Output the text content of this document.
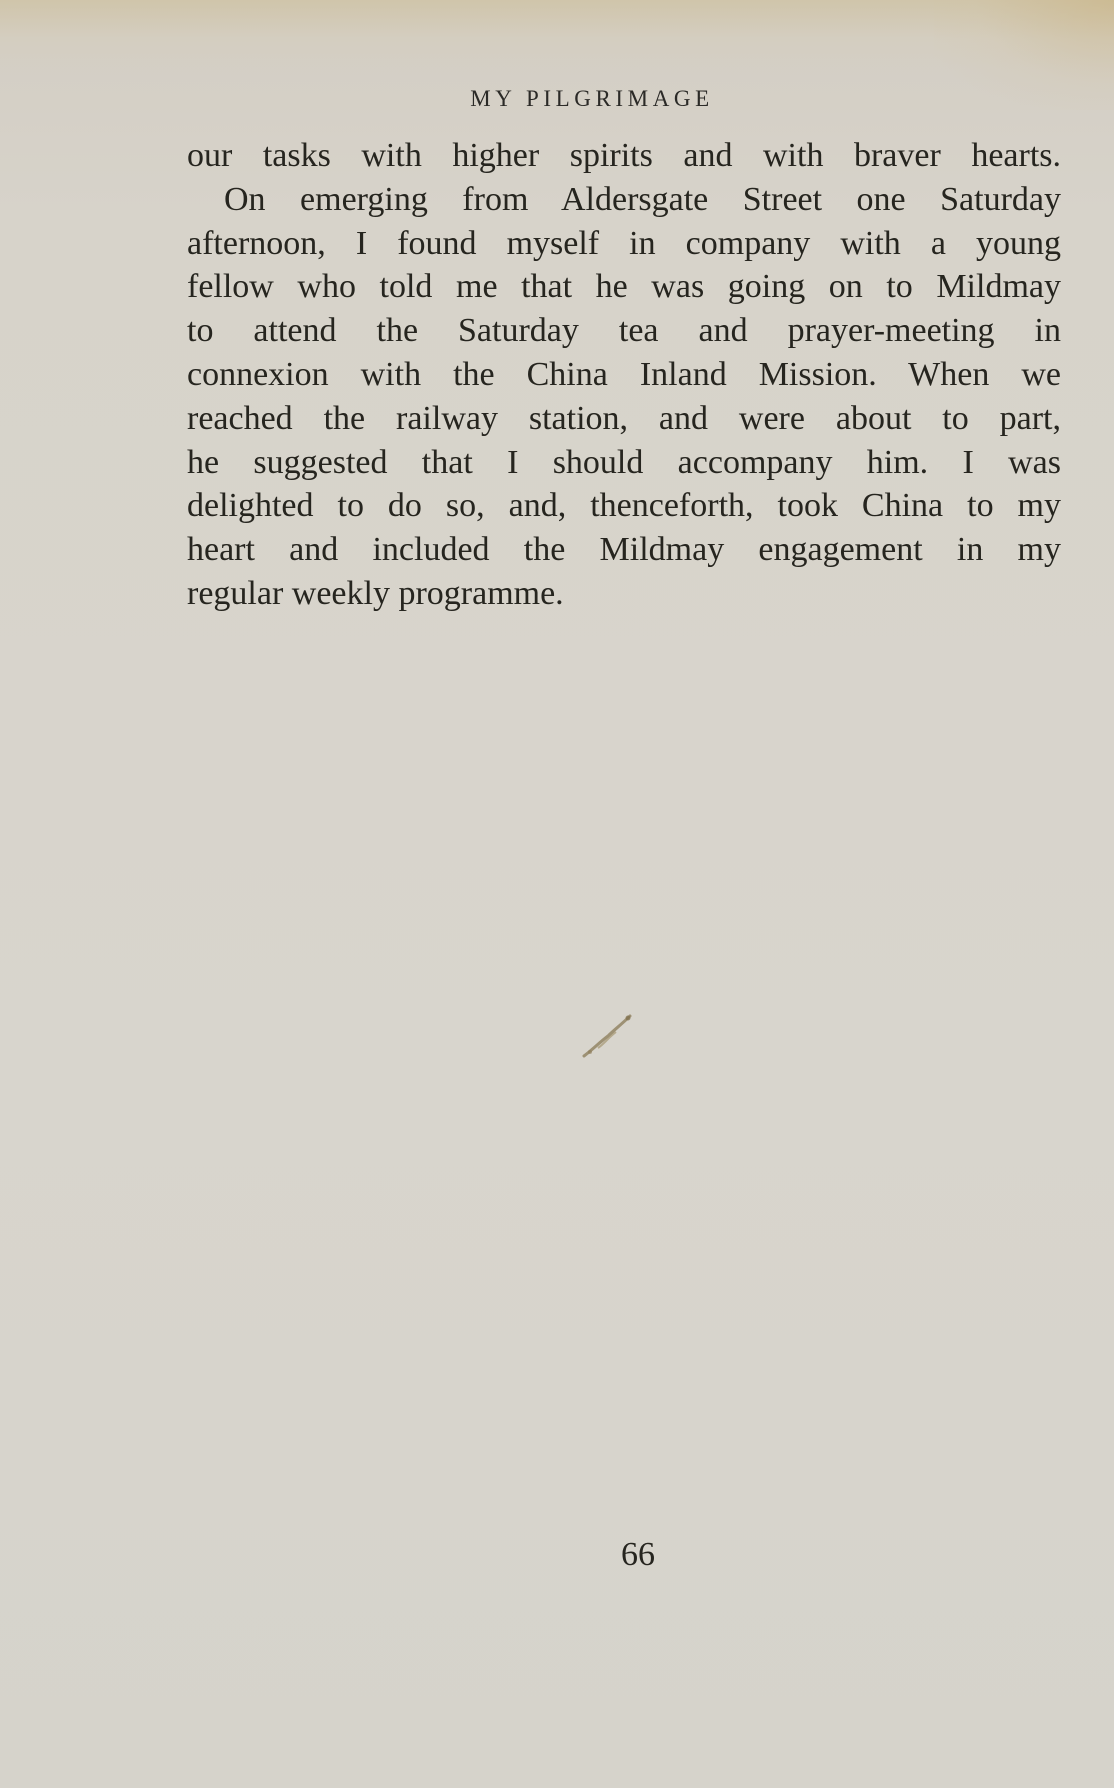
MY PILGRIMAGE
our tasks with higher spirits and with braver hearts.
On emerging from Aldersgate Street one Saturday
afternoon, I found myself in company with a young
fellow who told me that he was going on to Mildmay
to attend the Saturday tea and prayer-meeting in
connexion with the China Inland Mission. When we
reached the railway station, and were about to part,
he suggested that I should accompany him. I was
delighted to do so, and, thenceforth, took China to my
heart and included the Mildmay engagement in my
regular weekly programme.
66
